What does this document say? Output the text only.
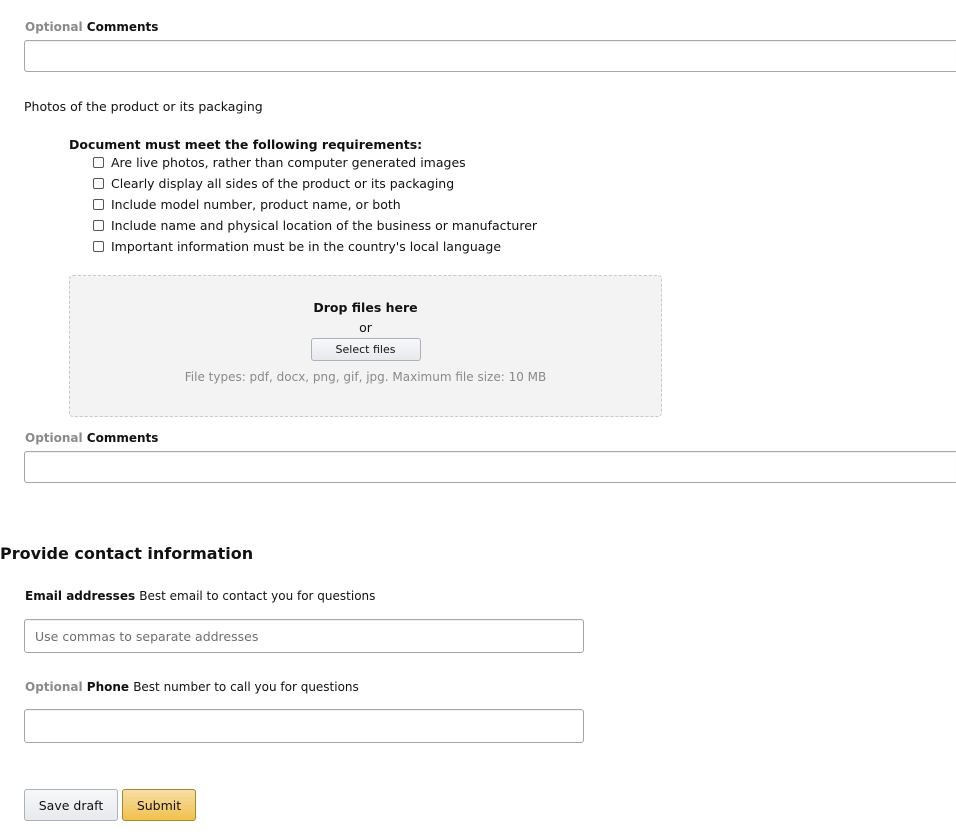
Optional Comments
Photos of the product or its packaging
Document must meet the following requirements:
Are live photos, rather than computer generated images
Clearly display all sides of the product or its packaging
Include model number, product name, or both
Include name and physical location of the business or manufacturer
Important information must be in the country's local language
Drop files here
or
Select files
File types: pdf, docx, png, gif, jpg. Maximum file size: 10 MB
Optional Comments
Provide contact information
Email addresses Best email to contact you for questions
Use commas to separate addresses
Optional Phone Best number to call you for questions
Save draft	Submit
